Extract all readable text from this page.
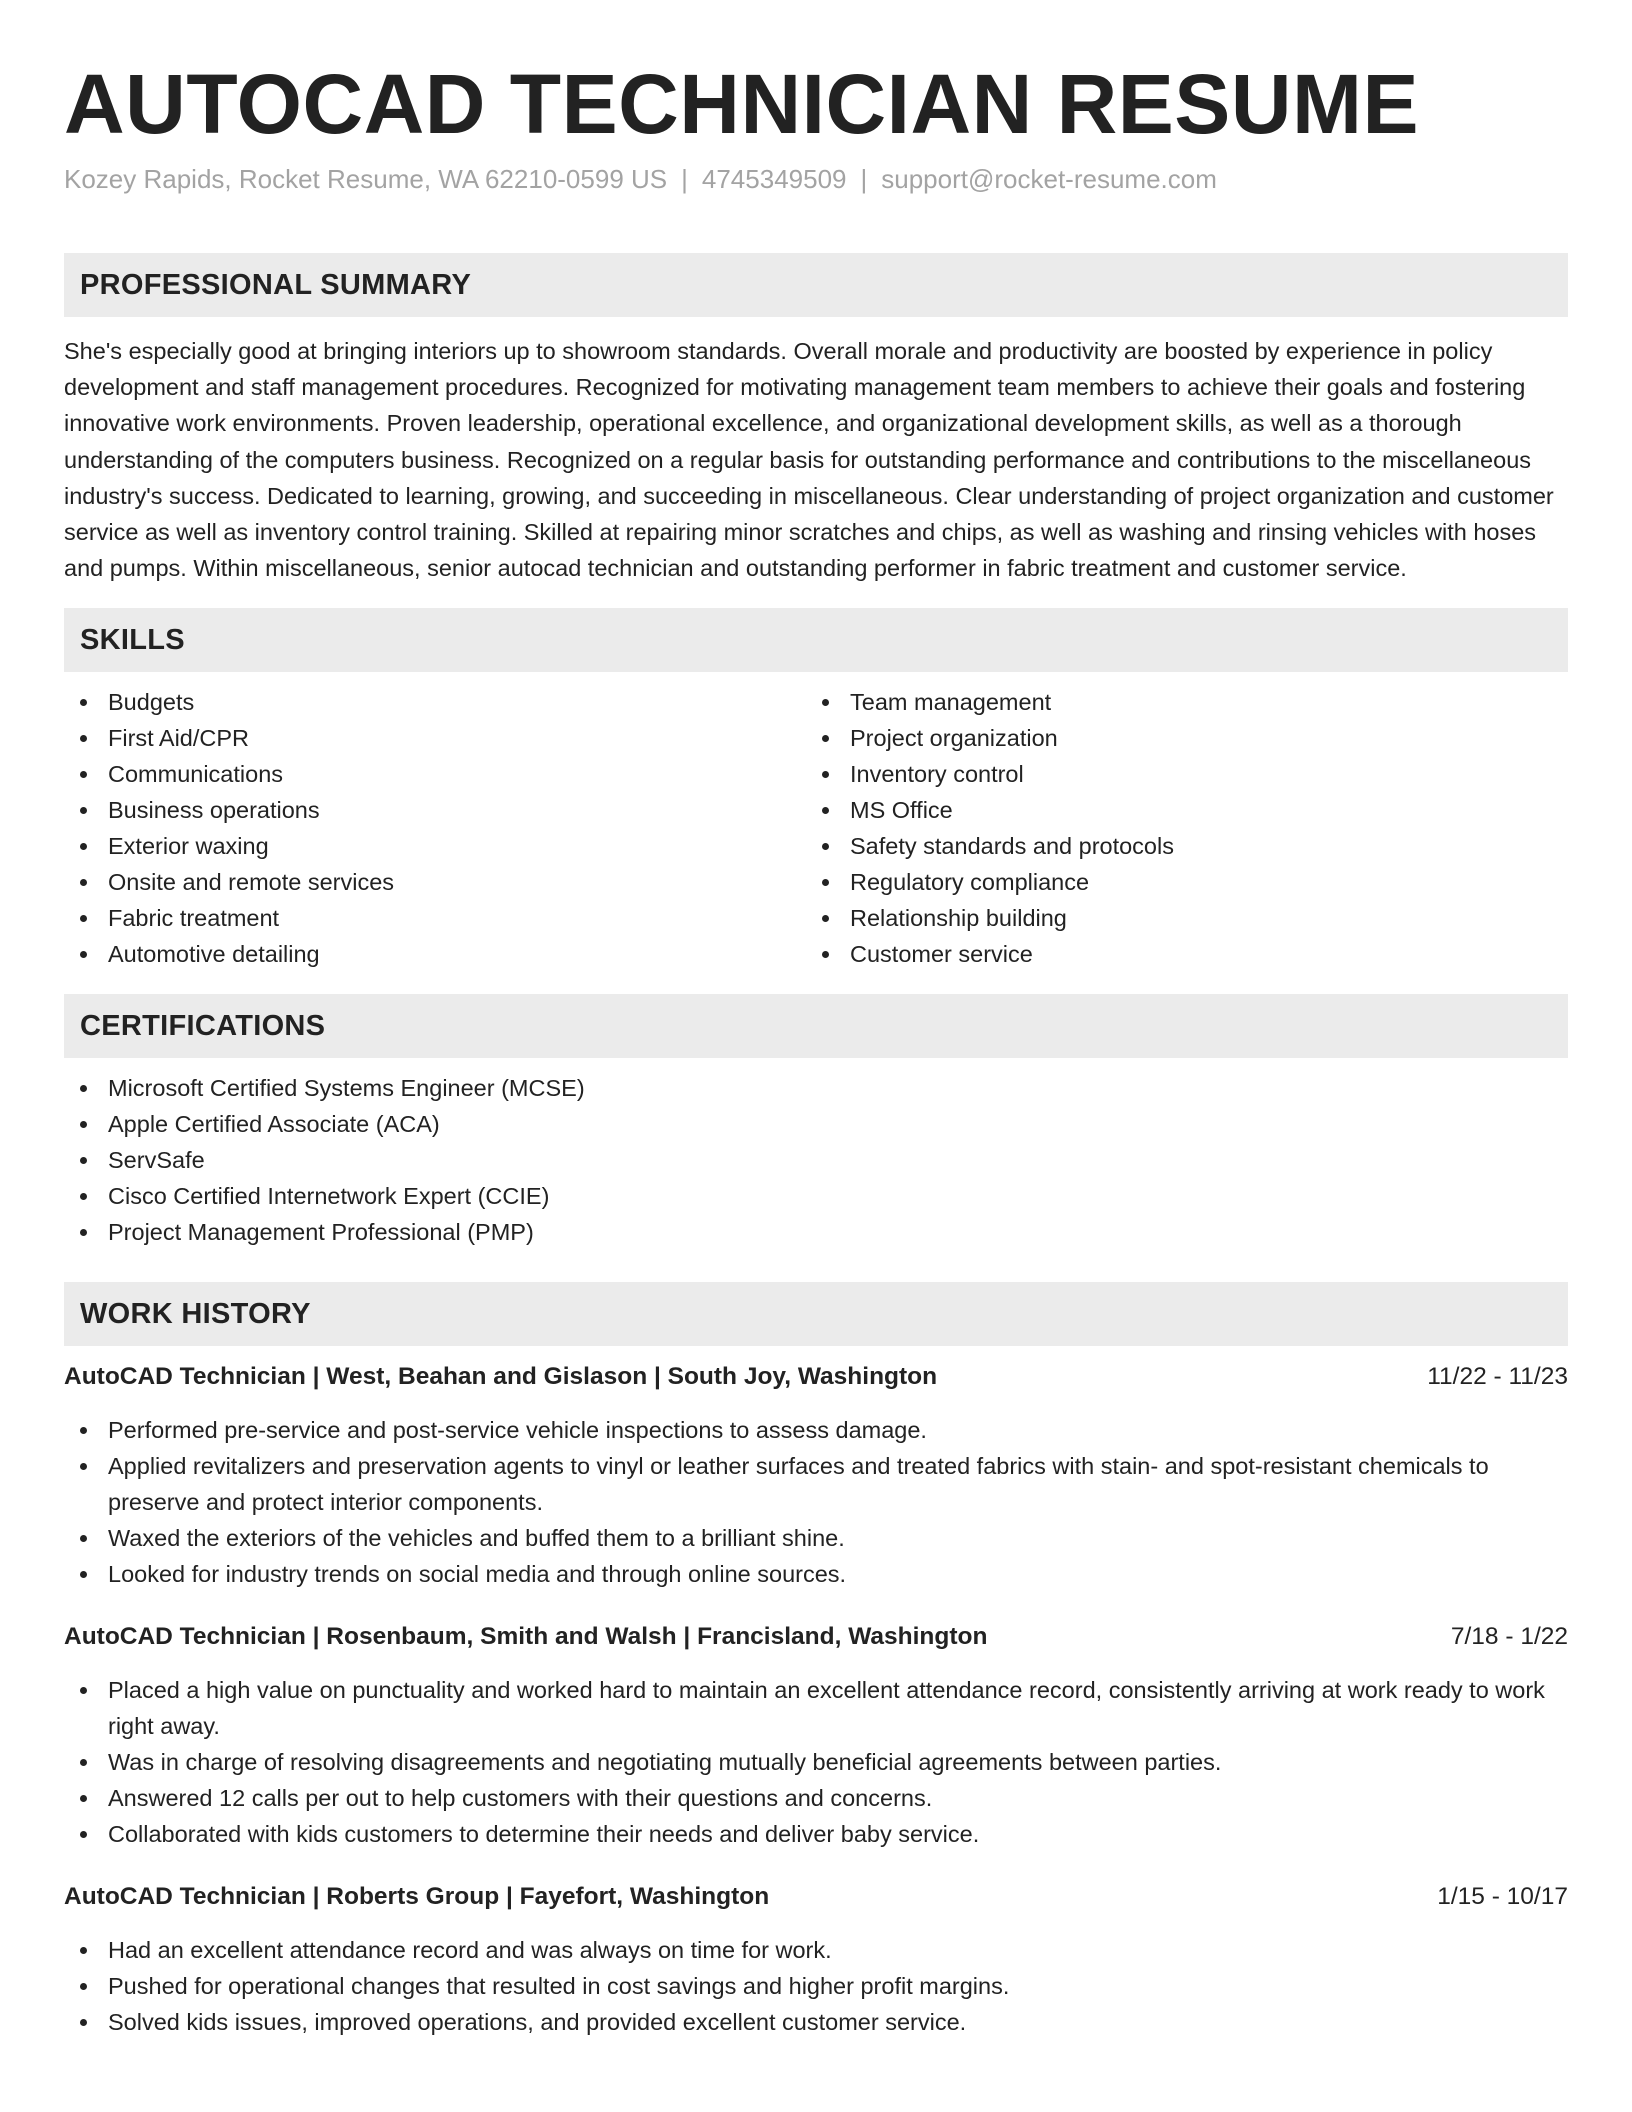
AUTOCAD TECHNICIAN RESUME
Kozey Rapids, Rocket Resume, WA 62210-0599 US | 4745349509 | support@rocket-resume.com
PROFESSIONAL SUMMARY

She's especially good at bringing interiors up to showroom standards. Overall morale and productivity are boosted by experience in policy development and staff management procedures. Recognized for motivating management team members to achieve their goals and fostering innovative work environments. Proven leadership, operational excellence, and organizational development skills, as well as a thorough understanding of the computers business. Recognized on a regular basis for outstanding performance and contributions to the miscellaneous industry's success. Dedicated to learning, growing, and succeeding in miscellaneous. Clear understanding of project organization and customer service as well as inventory control training. Skilled at repairing minor scratches and chips, as well as washing and rinsing vehicles with hoses and pumps. Within miscellaneous, senior autocad technician and outstanding performer in fabric treatment and customer service.

SKILLS
Budgets
First Aid/CPR
Communications
Business operations
Exterior waxing
Onsite and remote services
Fabric treatment
Automotive detailing
Team management
Project organization
Inventory control
MS Office
Safety standards and protocols
Regulatory compliance
Relationship building
Customer service
CERTIFICATIONS
Microsoft Certified Systems Engineer (MCSE)
Apple Certified Associate (ACA)
ServSafe
Cisco Certified Internetwork Expert (CCIE)
Project Management Professional (PMP)
WORK HISTORY
AutoCAD Technician | West, Beahan and Gislason | South Joy, Washington	11/22 - 11/23
Performed pre-service and post-service vehicle inspections to assess damage.
Applied revitalizers and preservation agents to vinyl or leather surfaces and treated fabrics with stain- and spot-resistant chemicals to preserve and protect interior components.
Waxed the exteriors of the vehicles and buffed them to a brilliant shine.
Looked for industry trends on social media and through online sources.
AutoCAD Technician | Rosenbaum, Smith and Walsh | Francisland, Washington	7/18 - 1/22
Placed a high value on punctuality and worked hard to maintain an excellent attendance record, consistently arriving at work ready to work right away.
Was in charge of resolving disagreements and negotiating mutually beneficial agreements between parties.
Answered 12 calls per out to help customers with their questions and concerns.
Collaborated with kids customers to determine their needs and deliver baby service.
AutoCAD Technician | Roberts Group | Fayefort, Washington	1/15 - 10/17
Had an excellent attendance record and was always on time for work.
Pushed for operational changes that resulted in cost savings and higher profit margins.
Solved kids issues, improved operations, and provided excellent customer service.
